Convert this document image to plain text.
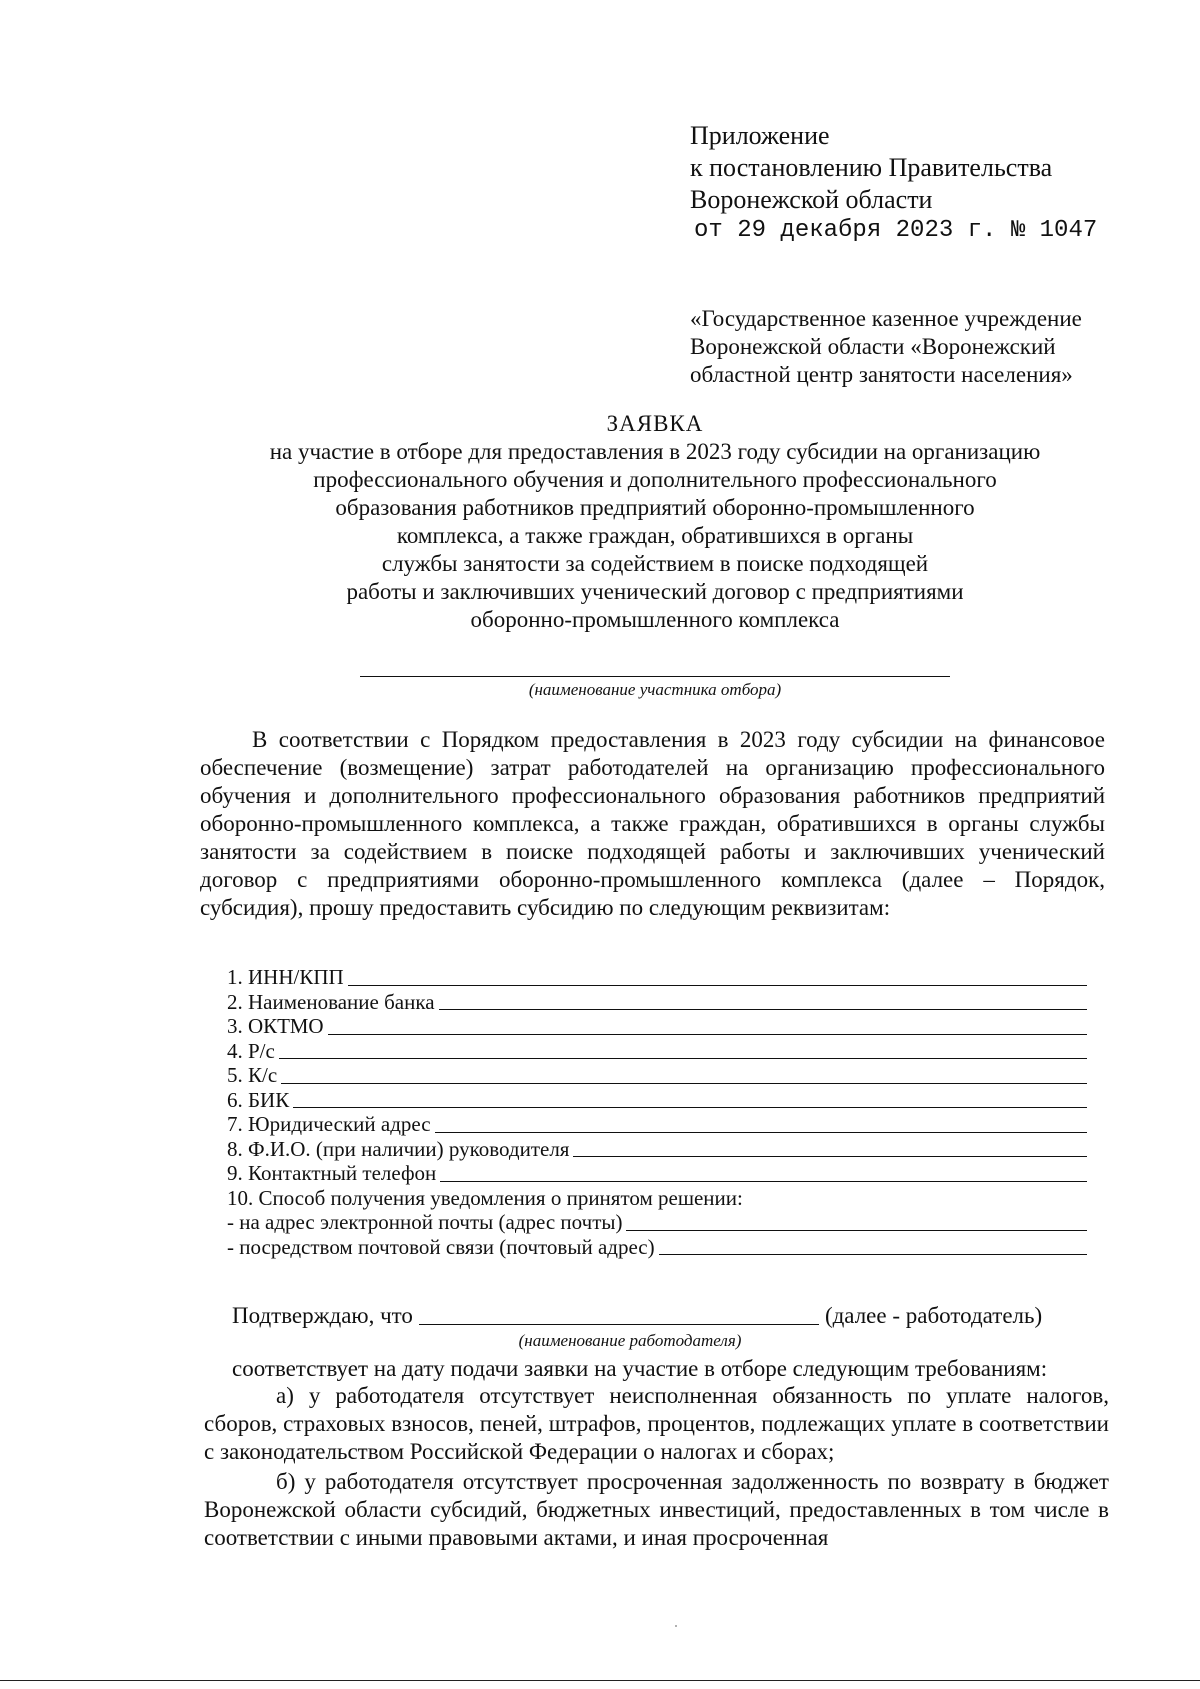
Приложение
к постановлению Правительства
Воронежской области
от 29 декабря 2023 г. № 1047
«Государственное казенное учреждение
Воронежской области «Воронежский
областной центр занятости населения»
ЗАЯВКА
на участие в отборе для предоставления в 2023 году субсидии на организацию
профессионального обучения и дополнительного профессионального
образования работников предприятий оборонно-промышленного
комплекса, а также граждан, обратившихся в органы
службы занятости за содействием в поиске подходящей
работы и заключивших ученический договор с предприятиями
оборонно-промышленного комплекса
(наименование участника отбора)
В соответствии с Порядком предоставления в 2023 году субсидии на финансовое обеспечение (возмещение) затрат работодателей на организацию профессионального обучения и дополнительного профессионального образования работников предприятий оборонно-промышленного комплекса, а также граждан, обратившихся в органы службы занятости за содействием в поиске подходящей работы и заключивших ученический договор с предприятиями оборонно-промышленного комплекса (далее – Порядок, субсидия), прошу предоставить субсидию по следующим реквизитам:
1. ИНН/КПП
2. Наименование банка
3. ОКТМО
4. Р/с
5. К/с
6. БИК
7. Юридический адрес
8. Ф.И.О. (при наличии) руководителя
9. Контактный телефон
10. Способ получения уведомления о принятом решении:
- на адрес электронной почты (адрес почты)
- посредством почтовой связи (почтовый адрес)
Подтверждаю, что	(далее - работодатель)
(наименование работодателя)
соответствует на дату подачи заявки на участие в отборе следующим требованиям:
а) у работодателя отсутствует неисполненная обязанность по уплате налогов, сборов, страховых взносов, пеней, штрафов, процентов, подлежащих уплате в соответствии с законодательством Российской Федерации о налогах и сборах;
б) у работодателя отсутствует просроченная задолженность по возврату в бюджет Воронежской области субсидий, бюджетных инвестиций, предоставленных в том числе в соответствии с иными правовыми актами, и иная просроченная
